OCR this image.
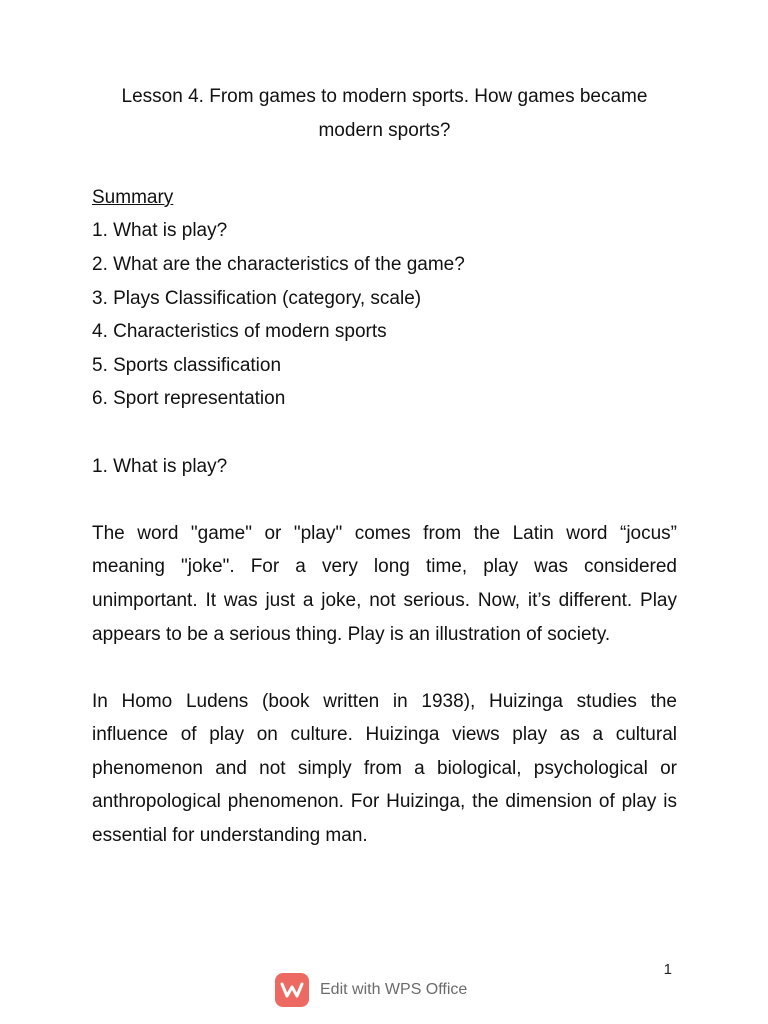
Lesson 4. From games to modern sports. How games became modern sports?
Summary
1. What is play?
2. What are the characteristics of the game?
3. Plays Classification (category, scale)
4. Characteristics of modern sports
5. Sports classification
6. Sport representation
1. What is play?

The word "game" or "play" comes from the Latin word “jocus” meaning "joke". For a very long time, play was considered unimportant. It was just a joke, not serious. Now, it’s different. Play appears to be a serious thing. Play is an illustration of society.

In Homo Ludens (book written in 1938), Huizinga studies the influence of play on culture. Huizinga views play as a cultural phenomenon and not simply from a biological, psychological or anthropological phenomenon. For Huizinga, the dimension of play is essential for understanding man.

1
Edit with WPS Office
